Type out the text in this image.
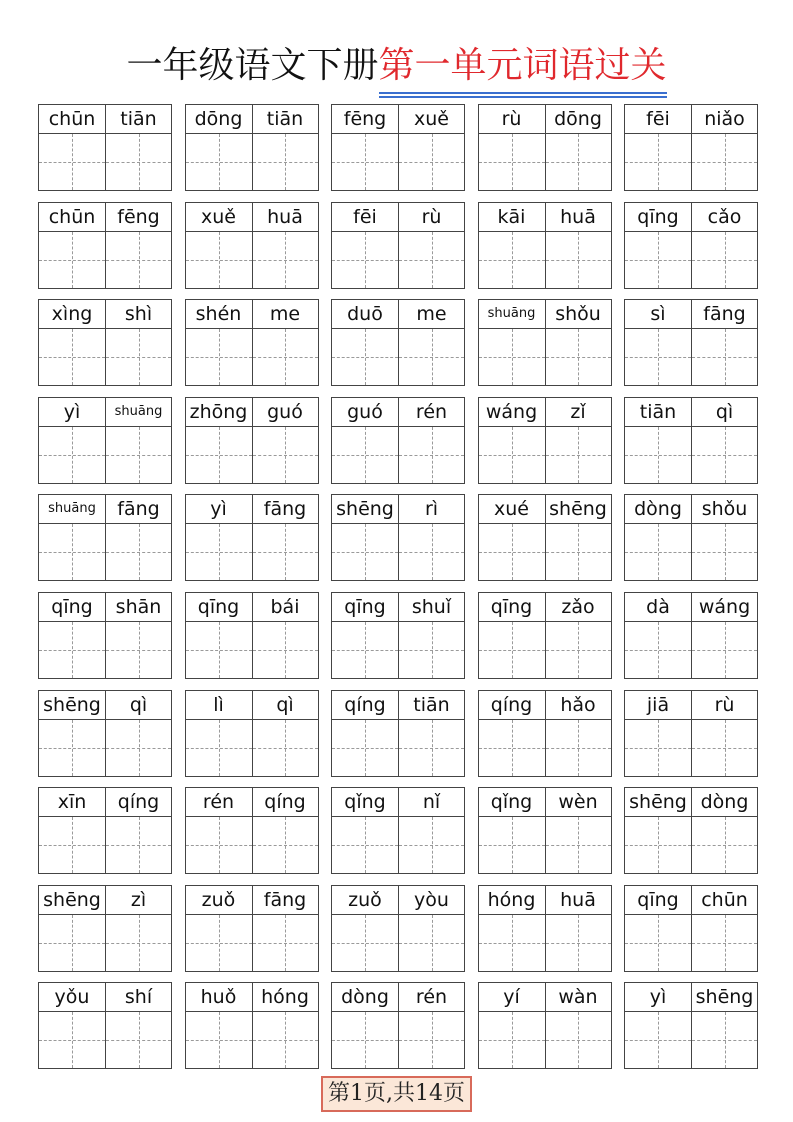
一年级语文下册第一单元词语过关
chūn	tiān	dōng	tiān	fēng	xuě	rù	dōng	fēi	niǎo
chūn	fēng	xuě	huā	fēi	rù	kāi	huā	qīng	cǎo
xìng	shì	shén	me	duō	me	shuāng	shǒu	sì	fāng
yì	shuāng	zhōng	guó	guó	rén	wáng	zǐ	tiān	qì
shuāng	fāng	yì	fāng	shēng	rì	xué	shēng	dòng	shǒu
qīng	shān	qīng	bái	qīng	shuǐ	qīng	zǎo	dà	wáng
shēng	qì	lì	qì	qíng	tiān	qíng	hǎo	jiā	rù
xīn	qíng	rén	qíng	qǐng	nǐ	qǐng	wèn	shēng dòng
shēng	zì	zuǒ	fāng	zuǒ	yòu	hóng	huā	qīng	chūn
yǒu	shí	huǒ	hóng	dòng	rén	yí	wàn	yì	shēng
第1页,共14页
